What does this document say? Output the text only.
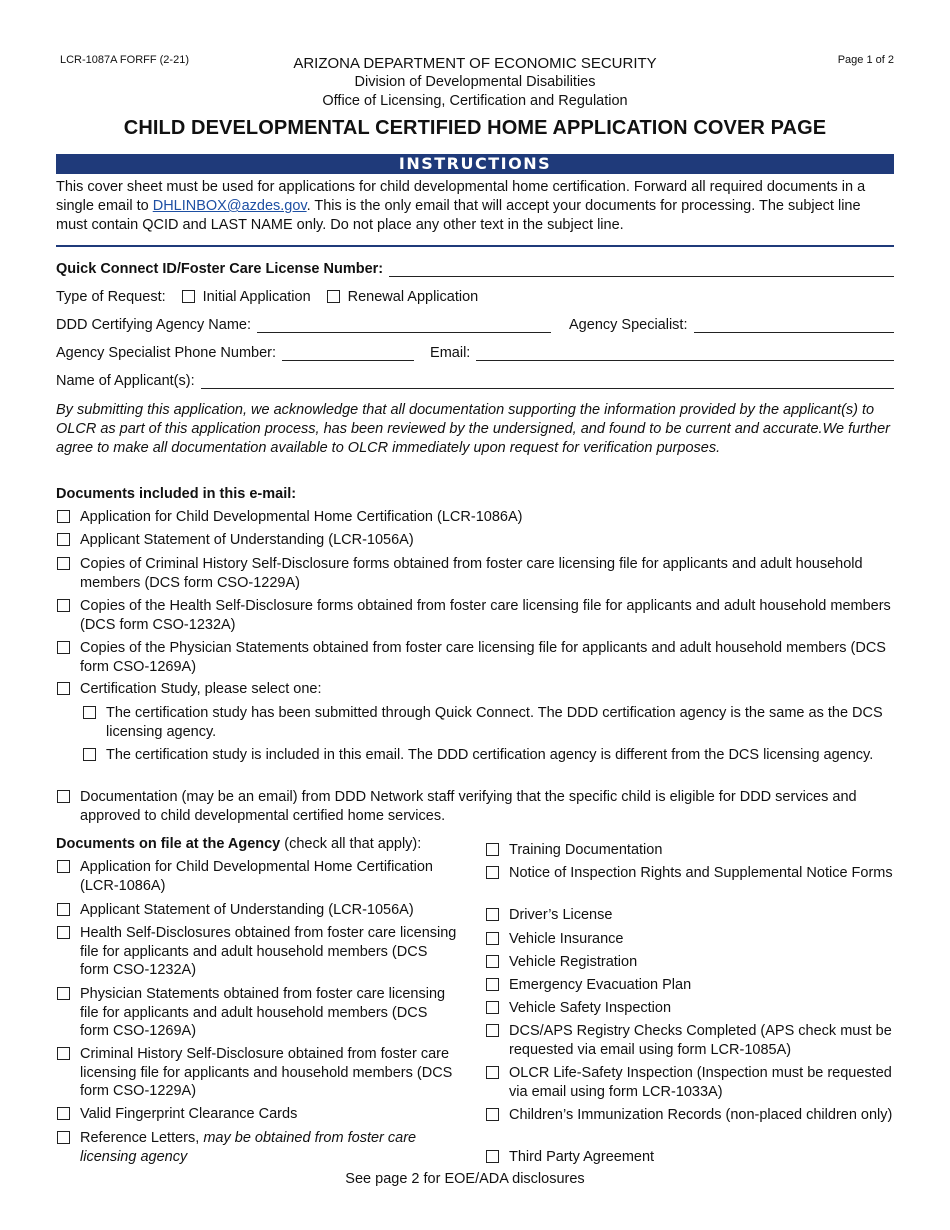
LCR-1087A FORFF (2-21)	Page 1 of 2
ARIZONA DEPARTMENT OF ECONOMIC SECURITY
Division of Developmental Disabilities
Office of Licensing, Certification and Regulation
CHILD DEVELOPMENTAL CERTIFIED HOME APPLICATION COVER PAGE
INSTRUCTIONS
This cover sheet must be used for applications for child developmental home certification. Forward all required documents in a single email to DHLINBOX@azdes.gov. This is the only email that will accept your documents for processing. The subject line must contain QCID and LAST NAME only. Do not place any other text in the subject line.
Quick Connect ID/Foster Care License Number:
Type of Request:	Initial Application	Renewal Application
DDD Certifying Agency Name:	Agency Specialist:
Agency Specialist Phone Number:	Email:
Name of Applicant(s):
By submitting this application, we acknowledge that all documentation supporting the information provided by the applicant(s) to OLCR as part of this application process, has been reviewed by the undersigned, and found to be current and accurate.We further agree to make all documentation available to OLCR immediately upon request for verification purposes.
Documents included in this e-mail:
Application for Child Developmental Home Certification (LCR-1086A)
Applicant Statement of Understanding (LCR-1056A)
Copies of Criminal History Self-Disclosure forms obtained from foster care licensing file for applicants and adult household members (DCS form CSO-1229A)
Copies of the Health Self-Disclosure forms obtained from foster care licensing file for applicants and adult household members (DCS form CSO-1232A)
Copies of the Physician Statements obtained from foster care licensing file for applicants and adult household members (DCS form CSO-1269A)
Certification Study, please select one:
The certification study has been submitted through Quick Connect. The DDD certification agency is the same as the DCS licensing agency.
The certification study is included in this email. The DDD certification agency is different from the DCS licensing agency.
Documentation (may be an email) from DDD Network staff verifying that the specific child is eligible for DDD services and approved to child developmental certified home services.
Documents on file at the Agency (check all that apply):
Application for Child Developmental Home Certification (LCR-1086A)
Applicant Statement of Understanding (LCR-1056A)
Health Self-Disclosures obtained from foster care licensing file for applicants and adult household members (DCS form CSO-1232A)
Physician Statements obtained from foster care licensing file for applicants and adult household members (DCS form CSO-1269A)
Criminal History Self-Disclosure obtained from foster care licensing file for applicants and household members (DCS form CSO-1229A)
Valid Fingerprint Clearance Cards
Reference Letters, may be obtained from foster care licensing agency
Training Documentation
Notice of Inspection Rights and Supplemental Notice Forms
Driver’s License
Vehicle Insurance
Vehicle Registration
Emergency Evacuation Plan
Vehicle Safety Inspection
DCS/APS Registry Checks Completed (APS check must be requested via email using form LCR-1085A)
OLCR Life-Safety Inspection (Inspection must be requested via email using form LCR-1033A)
Children’s Immunization Records (non-placed children only)
Third Party Agreement
See page 2 for EOE/ADA disclosures
